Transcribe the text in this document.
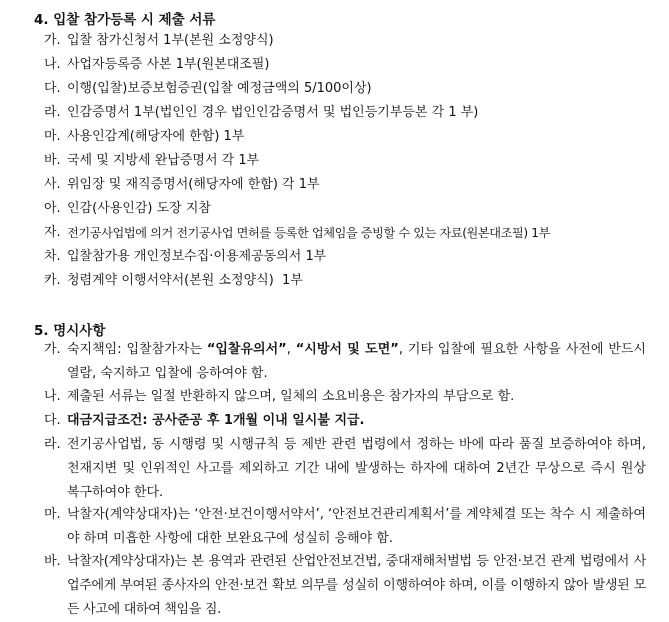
4. 입찰 참가등록 시 제출 서류
가. 입찰 참가신청서 1부(본원 소정양식)
나. 사업자등록증 사본 1부(원본대조필)
다. 이행(입찰)보증보험증권(입찰 예정금액의 5/100이상)
라. 인감증명서 1부(법인인 경우 법인인감증명서 및 법인등기부등본 각 1 부)
마. 사용인감계(해당자에 한함) 1부
바. 국세 및 지방세 완납증명서 각 1부
사. 위임장 및 재직증명서(해당자에 한함) 각 1부
아. 인감(사용인감) 도장 지참
자. 전기공사업법에 의거 전기공사업 면허를 등록한 업체임을 증빙할 수 있는 자료(원본대조필) 1부
차. 입찰참가용 개인정보수집·이용제공동의서 1부
카. 청렴계약 이행서약서(본원 소정양식)  1부
5. 명시사항
가. 숙지책임: 입찰참가자는 “입찰유의서”, “시방서 및 도면”, 기타 입찰에 필요한 사항을 사전에 반드시 열람, 숙지하고 입찰에 응하여야 함.
나. 제출된 서류는 일절 반환하지 않으며, 일체의 소요비용은 참가자의 부담으로 함.
다. 대금지급조건: 공사준공 후 1개월 이내 일시불 지급.
라. 전기공사업법, 동 시행령 및 시행규칙 등 제반 관련 법령에서 정하는 바에 따라 품질 보증하여야 하며, 천재지변 및 인위적인 사고를 제외하고 기간 내에 발생하는 하자에 대하여 2년간 무상으로 즉시 원상 복구하여야 한다.
마. 낙찰자(계약상대자)는 ‘안전·보건이행서약서’, ‘안전보건관리계획서’를 계약체결 또는 착수 시 제출하여야 하며 미흡한 사항에 대한 보완요구에 성실히 응해야 함.
바. 낙찰자(계약상대자)는 본 용역과 관련된 산업안전보건법, 중대재해처벌법 등 안전·보건 관계 법령에서 사업주에게 부여된 종사자의 안전·보건 확보 의무를 성실히 이행하여야 하며, 이를 이행하지 않아 발생된 모든 사고에 대하여 책임을 짐.
